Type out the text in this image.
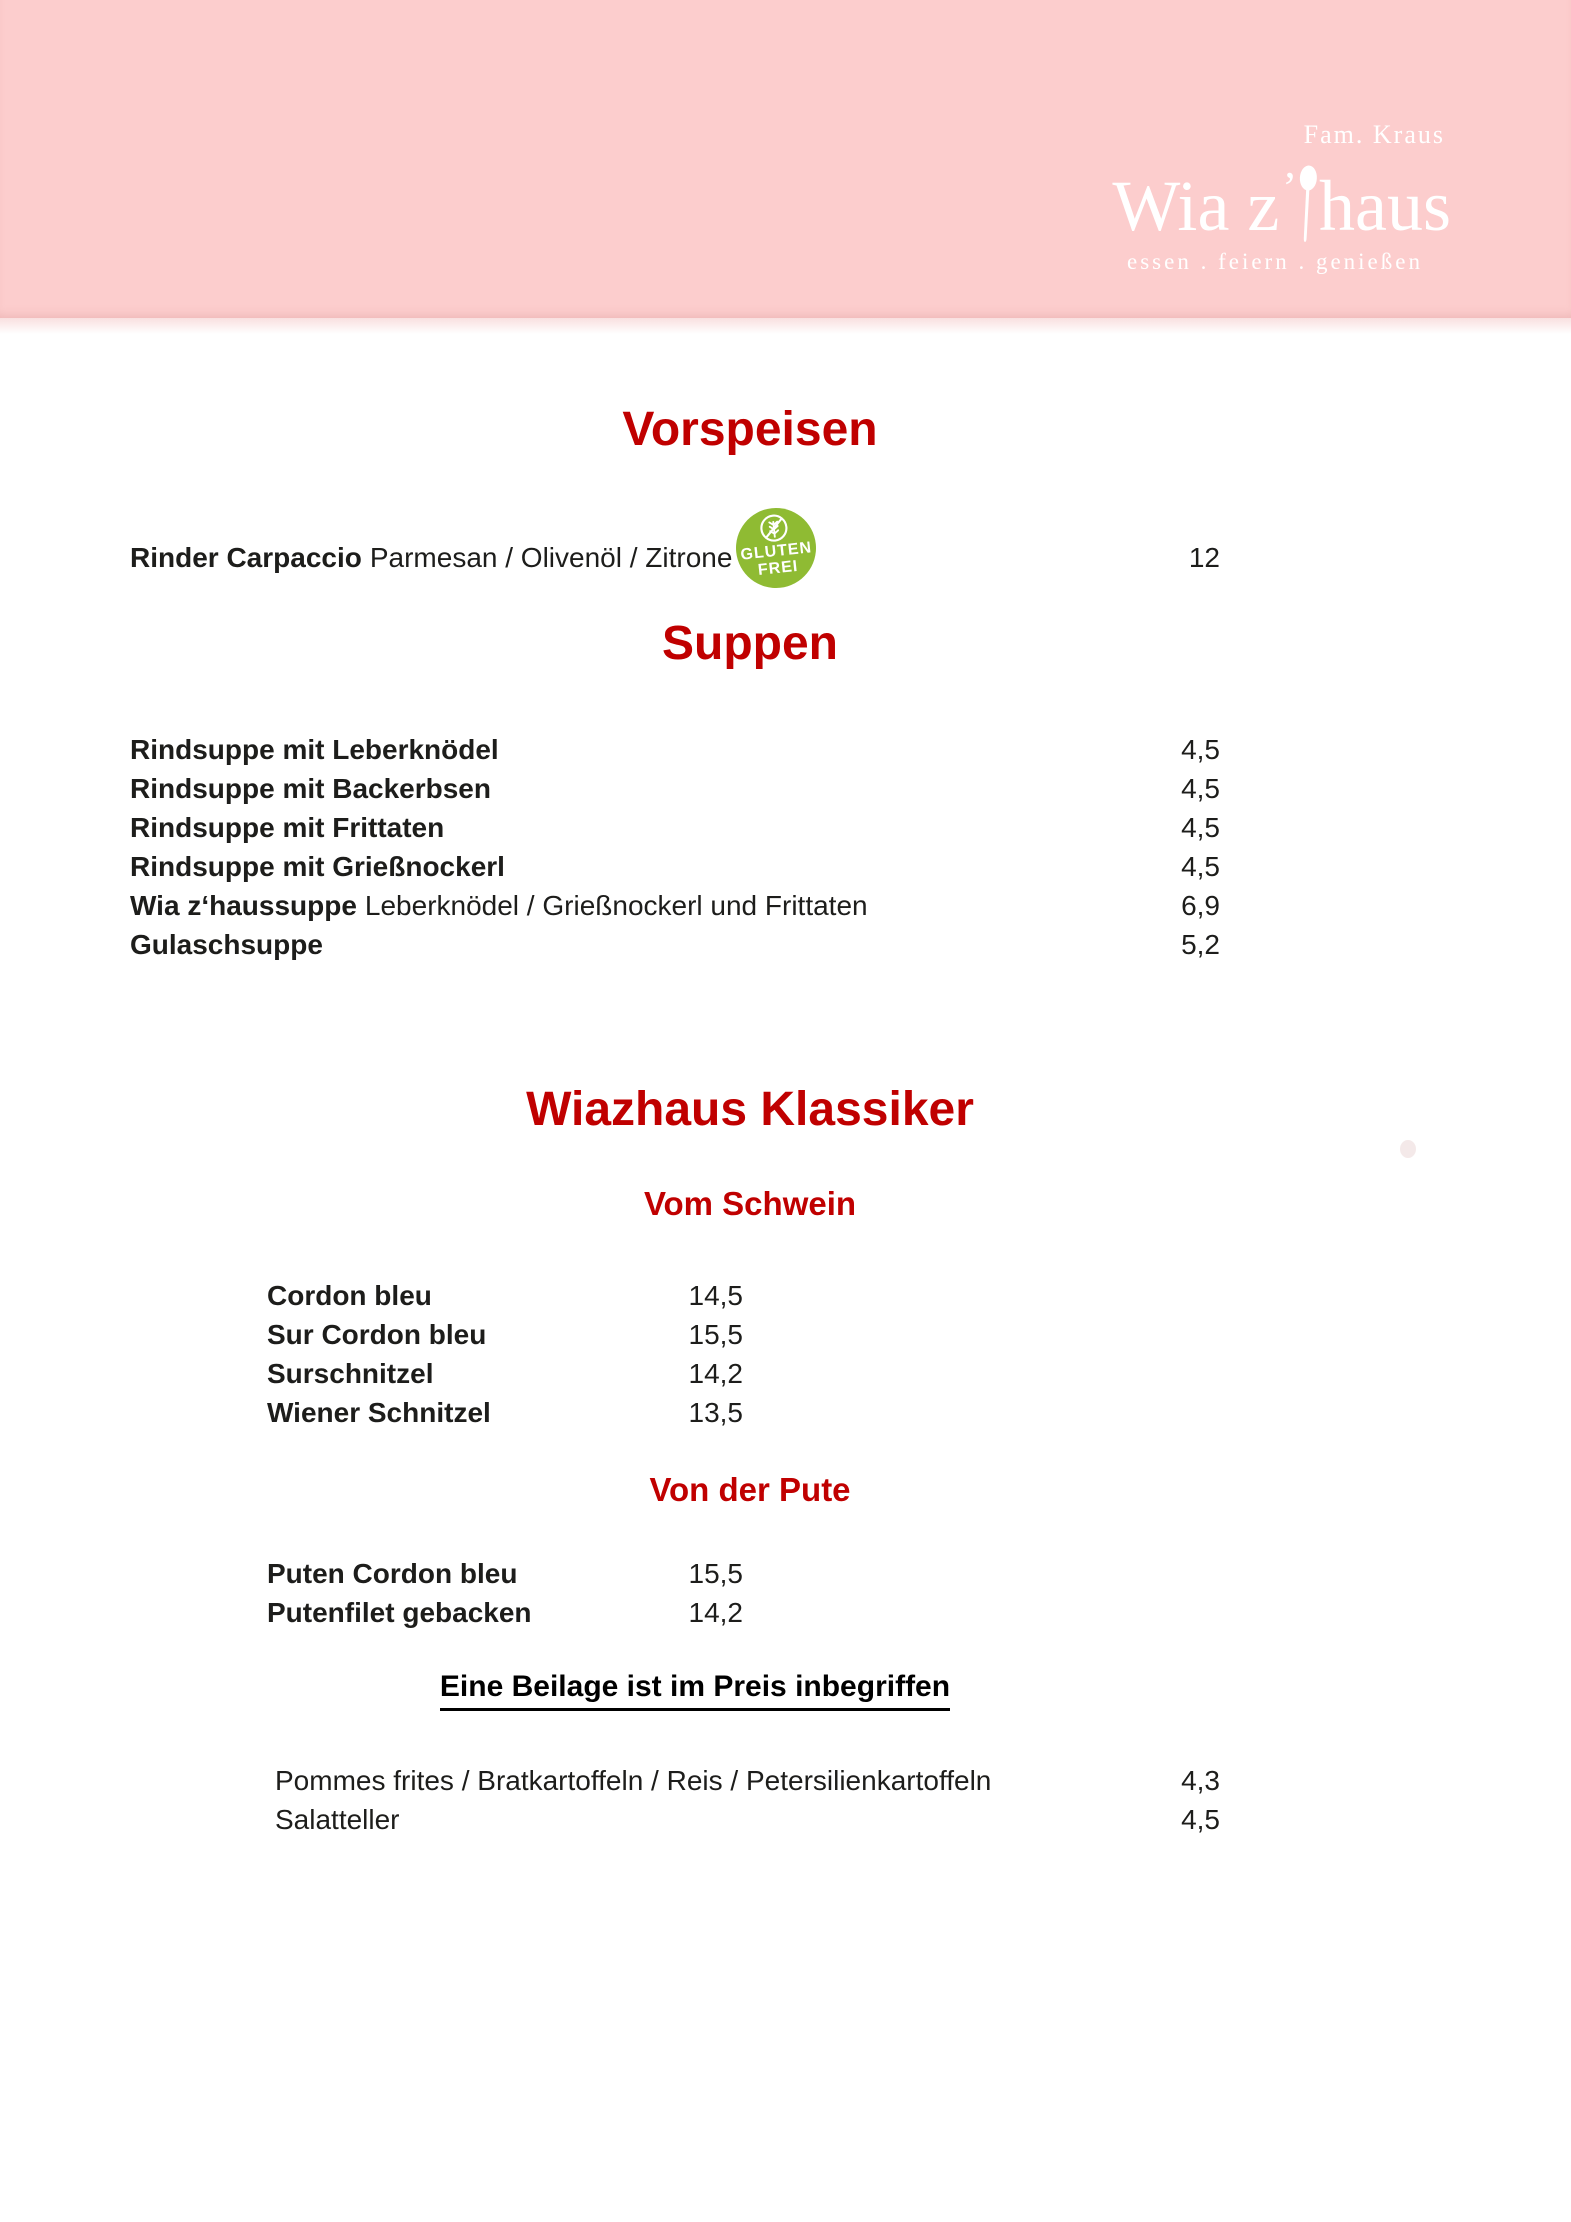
Fam. Kraus
Wia z ’ haus
essen . feiern . genießen
Vorspeisen
Rinder Carpaccio Parmesan / Olivenöl / Zitrone GLUTEN
FREI	12
Suppen
Rindsuppe mit Leberknödel	4,5
Rindsuppe mit Backerbsen	4,5
Rindsuppe mit Frittaten	4,5
Rindsuppe mit Grießnockerl	4,5
Wia z‘haussuppe Leberknödel / Grießnockerl und Frittaten	6,9
Gulaschsuppe	5,2
Wiazhaus Klassiker
Vom Schwein
Cordon bleu	14,5
Sur Cordon bleu	15,5
Surschnitzel	14,2
Wiener Schnitzel	13,5
Von der Pute
Puten Cordon bleu	15,5
Putenfilet gebacken	14,2
Eine Beilage ist im Preis inbegriffen
Pommes frites / Bratkartoffeln / Reis / Petersilienkartoffeln	4,3
Salatteller	4,5
